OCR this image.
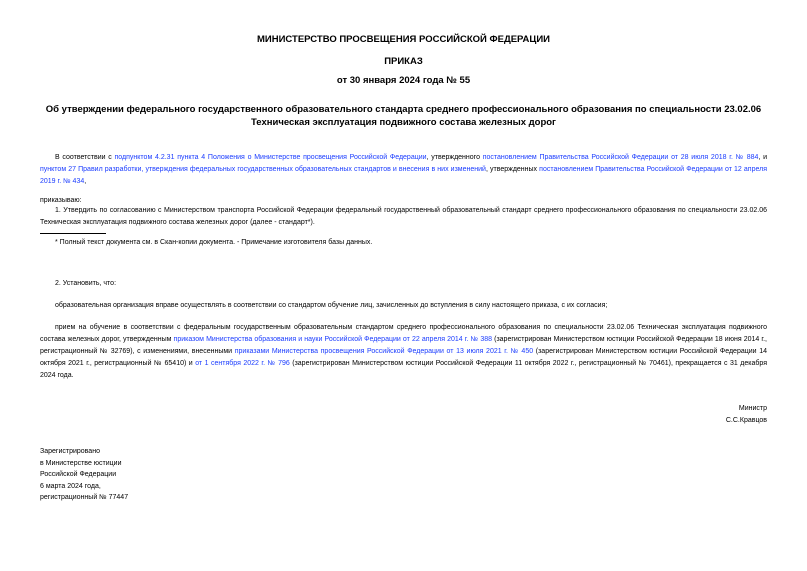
МИНИСТЕРСТВО ПРОСВЕЩЕНИЯ РОССИЙСКОЙ ФЕДЕРАЦИИ
ПРИКАЗ
от 30 января 2024 года № 55
Об утверждении федерального государственного образовательного стандарта среднего профессионального образования по специальности 23.02.06 Техническая эксплуатация подвижного состава железных дорог
В соответствии с подпунктом 4.2.31 пункта 4 Положения о Министерстве просвещения Российской Федерации, утвержденного постановлением Правительства Российской Федерации от 28 июля 2018 г. № 884, и пунктом 27 Правил разработки, утверждения федеральных государственных образовательных стандартов и внесения в них изменений, утвержденных постановлением Правительства Российской Федерации от 12 апреля 2019 г. № 434,
приказываю:
1. Утвердить по согласованию с Министерством транспорта Российской Федерации федеральный государственный образовательный стандарт среднего профессионального образования по специальности 23.02.06 Техническая эксплуатация подвижного состава железных дорог (далее - стандарт*).
* Полный текст документа см. в Скан-копии документа. - Примечание изготовителя базы данных.
2. Установить, что:
образовательная организация вправе осуществлять в соответствии со стандартом обучение лиц, зачисленных до вступления в силу настоящего приказа, с их согласия;
прием на обучение в соответствии с федеральным государственным образовательным стандартом среднего профессионального образования по специальности 23.02.06 Техническая эксплуатация подвижного состава железных дорог, утвержденным приказом Министерства образования и науки Российской Федерации от 22 апреля 2014 г. № 388 (зарегистрирован Министерством юстиции Российской Федерации 18 июня 2014 г., регистрационный № 32769), с изменениями, внесенными приказами Министерства просвещения Российской Федерации от 13 июля 2021 г. № 450 (зарегистрирован Министерством юстиции Российской Федерации 14 октября 2021 г., регистрационный № 65410) и от 1 сентября 2022 г. № 796 (зарегистрирован Министерством юстиции Российской Федерации 11 октября 2022 г., регистрационный № 70461), прекращается с 31 декабря 2024 года.
Министр
С.С.Кравцов
Зарегистрировано
в Министерстве юстиции
Российской Федерации
6 марта 2024 года,
регистрационный № 77447
